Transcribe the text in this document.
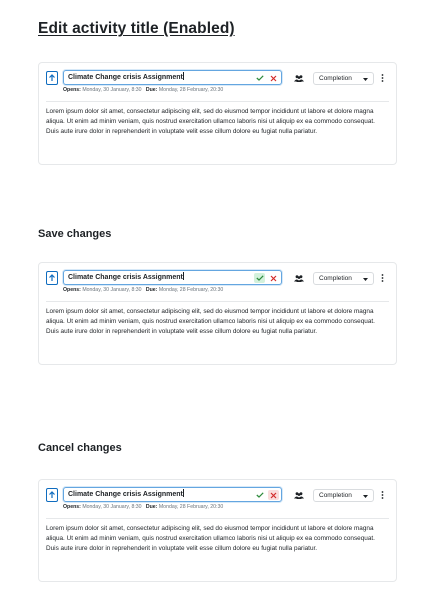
Edit activity title (Enabled)
Save changes
Cancel changes
Climate Change crisis Assignment
Opens: Monday, 30 January, 8:30 Due: Monday, 28 February, 20:30
Completion
Lorem ipsum dolor sit amet, consectetur adipiscing elit, sed do eiusmod tempor incididunt ut labore et dolore magna aliqua. Ut enim ad minim veniam, quis nostrud exercitation ullamco laboris nisi ut aliquip ex ea commodo consequat. Duis aute irure dolor in reprehenderit in voluptate velit esse cillum dolore eu fugiat nulla pariatur.
Climate Change crisis Assignment
Opens: Monday, 30 January, 8:30 Due: Monday, 28 February, 20:30
Completion
Lorem ipsum dolor sit amet, consectetur adipiscing elit, sed do eiusmod tempor incididunt ut labore et dolore magna aliqua. Ut enim ad minim veniam, quis nostrud exercitation ullamco laboris nisi ut aliquip ex ea commodo consequat. Duis aute irure dolor in reprehenderit in voluptate velit esse cillum dolore eu fugiat nulla pariatur.
Climate Change crisis Assignment
Opens: Monday, 30 January, 8:30 Due: Monday, 28 February, 20:30
Completion
Lorem ipsum dolor sit amet, consectetur adipiscing elit, sed do eiusmod tempor incididunt ut labore et dolore magna aliqua. Ut enim ad minim veniam, quis nostrud exercitation ullamco laboris nisi ut aliquip ex ea commodo consequat. Duis aute irure dolor in reprehenderit in voluptate velit esse cillum dolore eu fugiat nulla pariatur.
